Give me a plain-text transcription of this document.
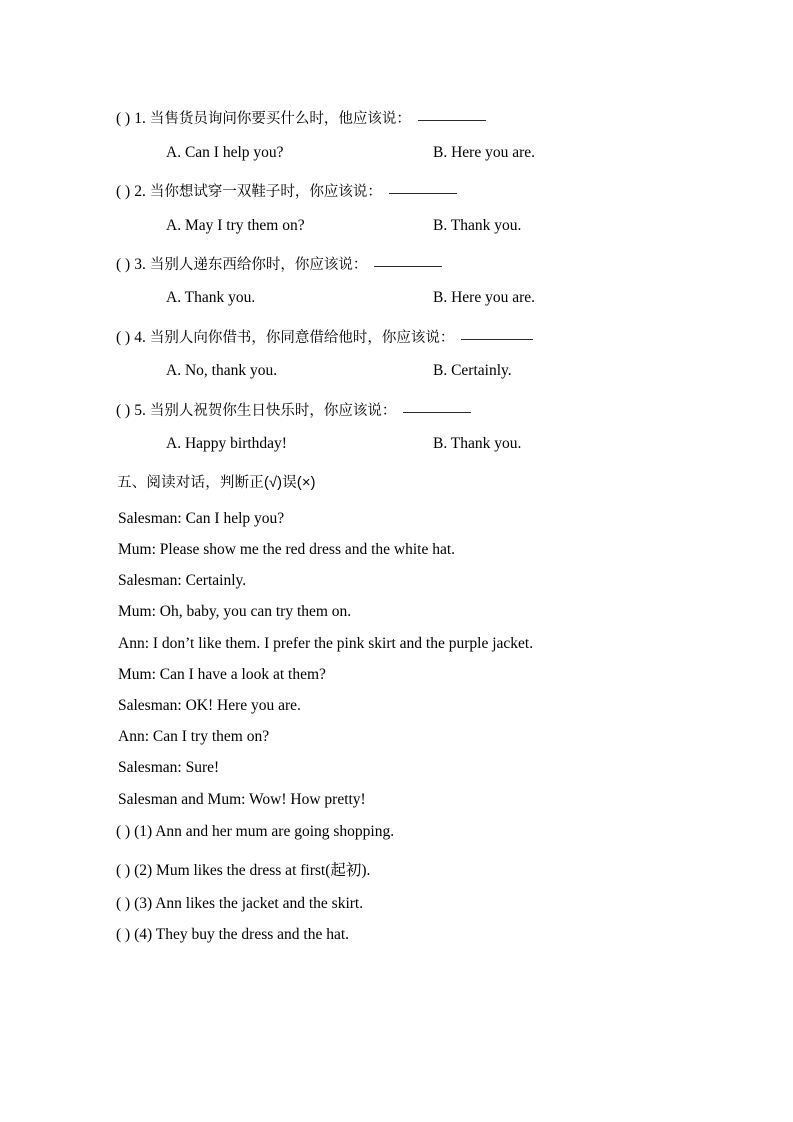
( ) 1. 当售货员询问你要买什么时，他应该说：
A. Can I help you?	B. Here you are.
( ) 2. 当你想试穿一双鞋子时，你应该说：
A. May I try them on?	B. Thank you.
( ) 3. 当别人递东西给你时，你应该说：
A. Thank you.	B. Here you are.
( ) 4. 当别人向你借书，你同意借给他时，你应该说：
A. No, thank you.	B. Certainly.
( ) 5. 当别人祝贺你生日快乐时，你应该说：
A. Happy birthday!	B. Thank you.
五、阅读对话，判断正(√)误(×)
Salesman: Can I help you?
Mum: Please show me the red dress and the white hat.
Salesman: Certainly.
Mum: Oh, baby, you can try them on.
Ann: I don’t like them. I prefer the pink skirt and the purple jacket.
Mum: Can I have a look at them?
Salesman: OK! Here you are.
Ann: Can I try them on?
Salesman: Sure!
Salesman and Mum: Wow! How pretty!
( ) (1) Ann and her mum are going shopping.
( ) (2) Mum likes the dress at first(起初).
( ) (3) Ann likes the jacket and the skirt.
( ) (4) They buy the dress and the hat.
